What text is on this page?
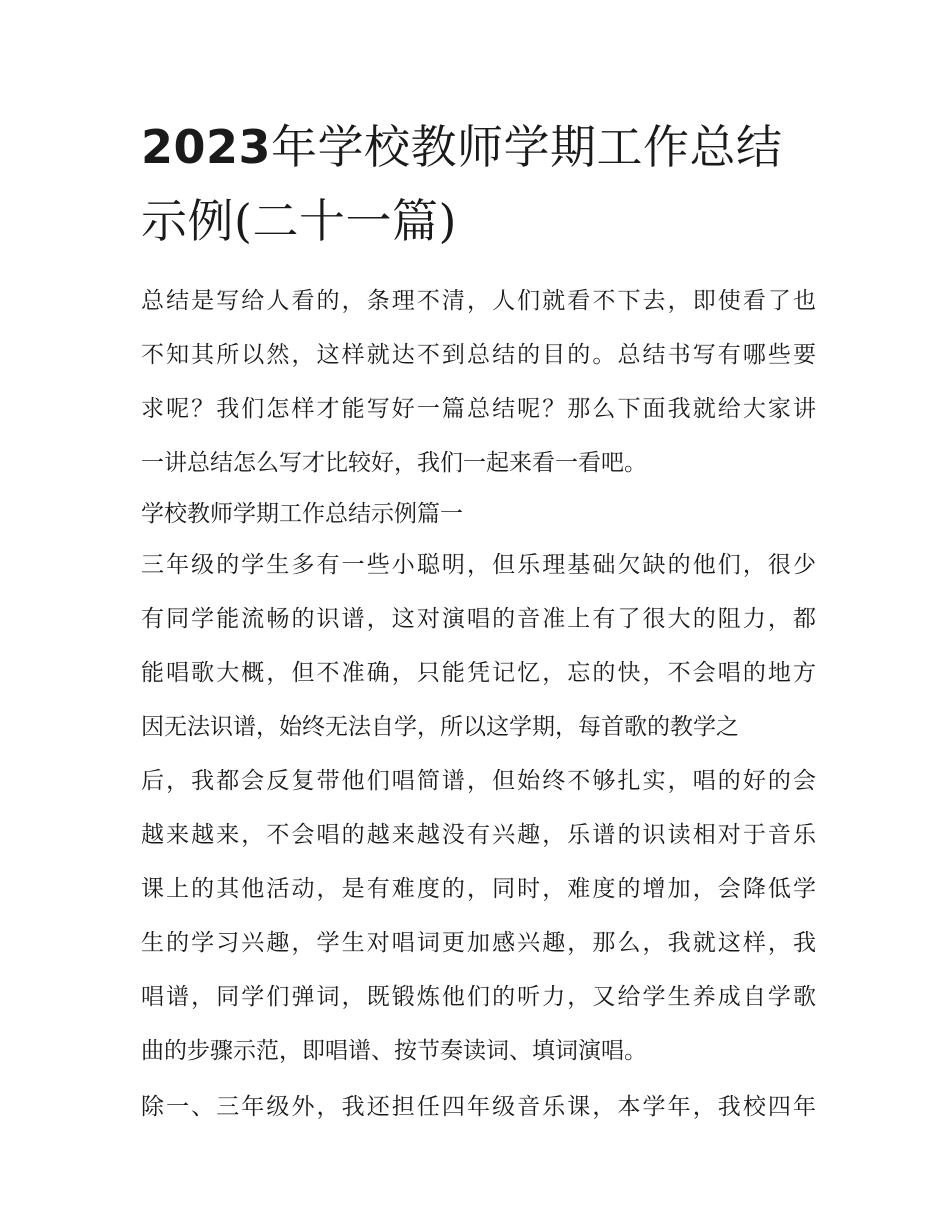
2023年学校教师学期工作总结
示例(二十一篇)

总结是写给人看的，条理不清，人们就看不下去，即使看了也

不知其所以然，这样就达不到总结的目的。总结书写有哪些要

求呢？我们怎样才能写好一篇总结呢？那么下面我就给大家讲

一讲总结怎么写才比较好，我们一起来看一看吧。

学校教师学期工作总结示例篇一

三年级的学生多有一些小聪明，但乐理基础欠缺的他们，很少

有同学能流畅的识谱，这对演唱的音准上有了很大的阻力，都

能唱歌大概，但不准确，只能凭记忆，忘的快，不会唱的地方

因无法识谱，始终无法自学，所以这学期，每首歌的教学之

后，我都会反复带他们唱简谱，但始终不够扎实，唱的好的会

越来越来，不会唱的越来越没有兴趣，乐谱的识读相对于音乐

课上的其他活动，是有难度的，同时，难度的增加，会降低学

生的学习兴趣，学生对唱词更加感兴趣，那么，我就这样，我

唱谱，同学们弹词，既锻炼他们的听力，又给学生养成自学歌

曲的步骤示范，即唱谱、按节奏读词、填词演唱。

除一、三年级外，我还担任四年级音乐课，本学年，我校四年
